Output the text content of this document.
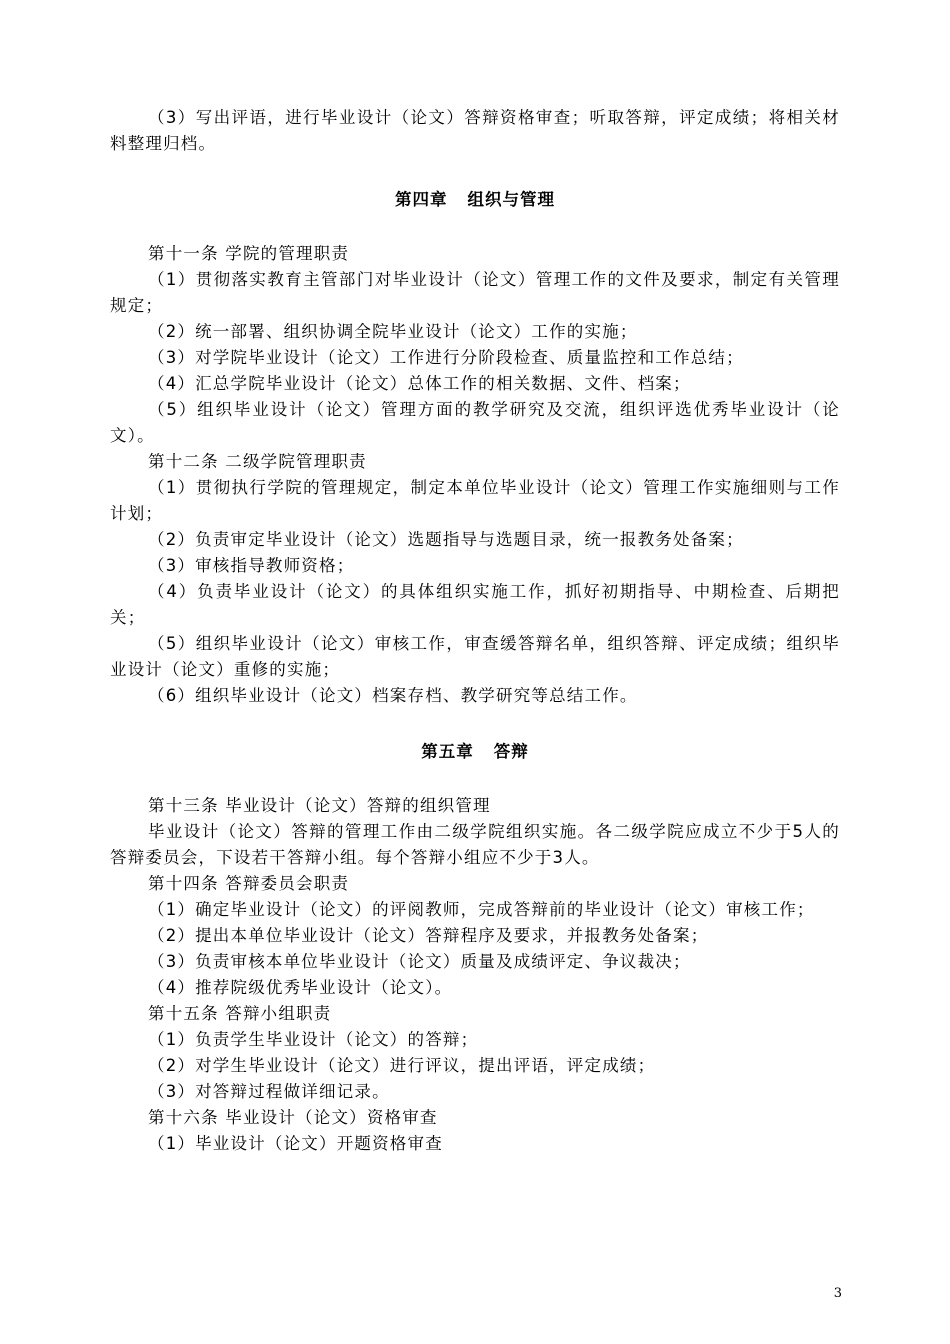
（3）写出评语，进行毕业设计（论文）答辩资格审查；听取答辩，评定成绩；将相关材料整理归档。

第四章 组织与管理

第十一条 学院的管理职责

（1）贯彻落实教育主管部门对毕业设计（论文）管理工作的文件及要求，制定有关管理规定；

（2）统一部署、组织协调全院毕业设计（论文）工作的实施；

（3）对学院毕业设计（论文）工作进行分阶段检查、质量监控和工作总结；

（4）汇总学院毕业设计（论文）总体工作的相关数据、文件、档案；

（5）组织毕业设计（论文）管理方面的教学研究及交流，组织评选优秀毕业设计（论文）。

第十二条 二级学院管理职责

（1）贯彻执行学院的管理规定，制定本单位毕业设计（论文）管理工作实施细则与工作计划；

（2）负责审定毕业设计（论文）选题指导与选题目录，统一报教务处备案；

（3）审核指导教师资格；

（4）负责毕业设计（论文）的具体组织实施工作，抓好初期指导、中期检查、后期把关；

（5）组织毕业设计（论文）审核工作，审查缓答辩名单，组织答辩、评定成绩；组织毕业设计（论文）重修的实施；

（6）组织毕业设计（论文）档案存档、教学研究等总结工作。

第五章 答辩

第十三条 毕业设计（论文）答辩的组织管理

毕业设计（论文）答辩的管理工作由二级学院组织实施。各二级学院应成立不少于5人的答辩委员会，下设若干答辩小组。每个答辩小组应不少于3人。

第十四条 答辩委员会职责

（1）确定毕业设计（论文）的评阅教师，完成答辩前的毕业设计（论文）审核工作；

（2）提出本单位毕业设计（论文）答辩程序及要求，并报教务处备案；

（3）负责审核本单位毕业设计（论文）质量及成绩评定、争议裁决；

（4）推荐院级优秀毕业设计（论文）。

第十五条 答辩小组职责

（1）负责学生毕业设计（论文）的答辩；

（2）对学生毕业设计（论文）进行评议，提出评语，评定成绩；

（3）对答辩过程做详细记录。

第十六条 毕业设计（论文）资格审查

（1）毕业设计（论文）开题资格审查

3
